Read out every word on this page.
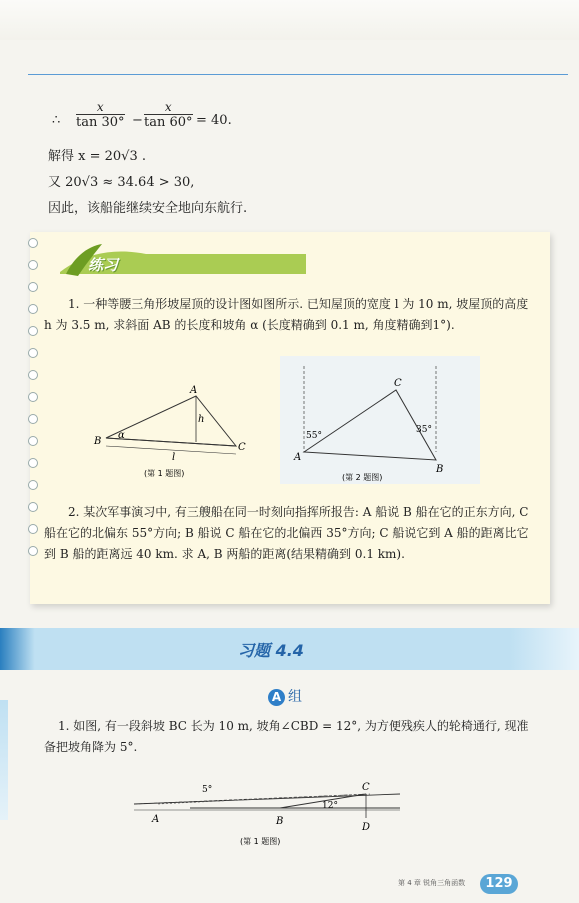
∴ $\frac{x}{\tan 30^\circ} - \frac{x}{\tan 60^\circ} = 40$.
解得 x = 20√3 .
又 20√3 ≈ 34.64 > 30,
因此，该船能继续安全地向东航行.
练习
1. 一种等腰三角形坡屋顶的设计图如图所示. 已知屋顶的宽度 l 为 10 m, 坡屋顶的高度 h 为 3.5 m, 求斜面 AB 的长度和坡角 α (长度精确到 0.1 m, 角度精确到1°).
A
B
C
h
l
α
(第 1 题图)
C
A
B
55°
35°
(第 2 题图)
2. 某次军事演习中, 有三艘船在同一时刻向指挥所报告: A 船说 B 船在它的正东方向, C 船在它的北偏东 55°方向; B 船说 C 船在它的北偏西 35°方向; C 船说它到 A 船的距离比它到 B 船的距离远 40 km. 求 A, B 两船的距离(结果精确到 0.1 km).
习题 4.4
A 组
1. 如图, 有一段斜坡 BC 长为 10 m, 坡角∠CBD = 12°, 为方便残疾人的轮椅通行, 现准备把坡角降为 5°.
A	B
C
D
5°
12°
(第 1 题图)
第 4 章 锐角三角函数	129
